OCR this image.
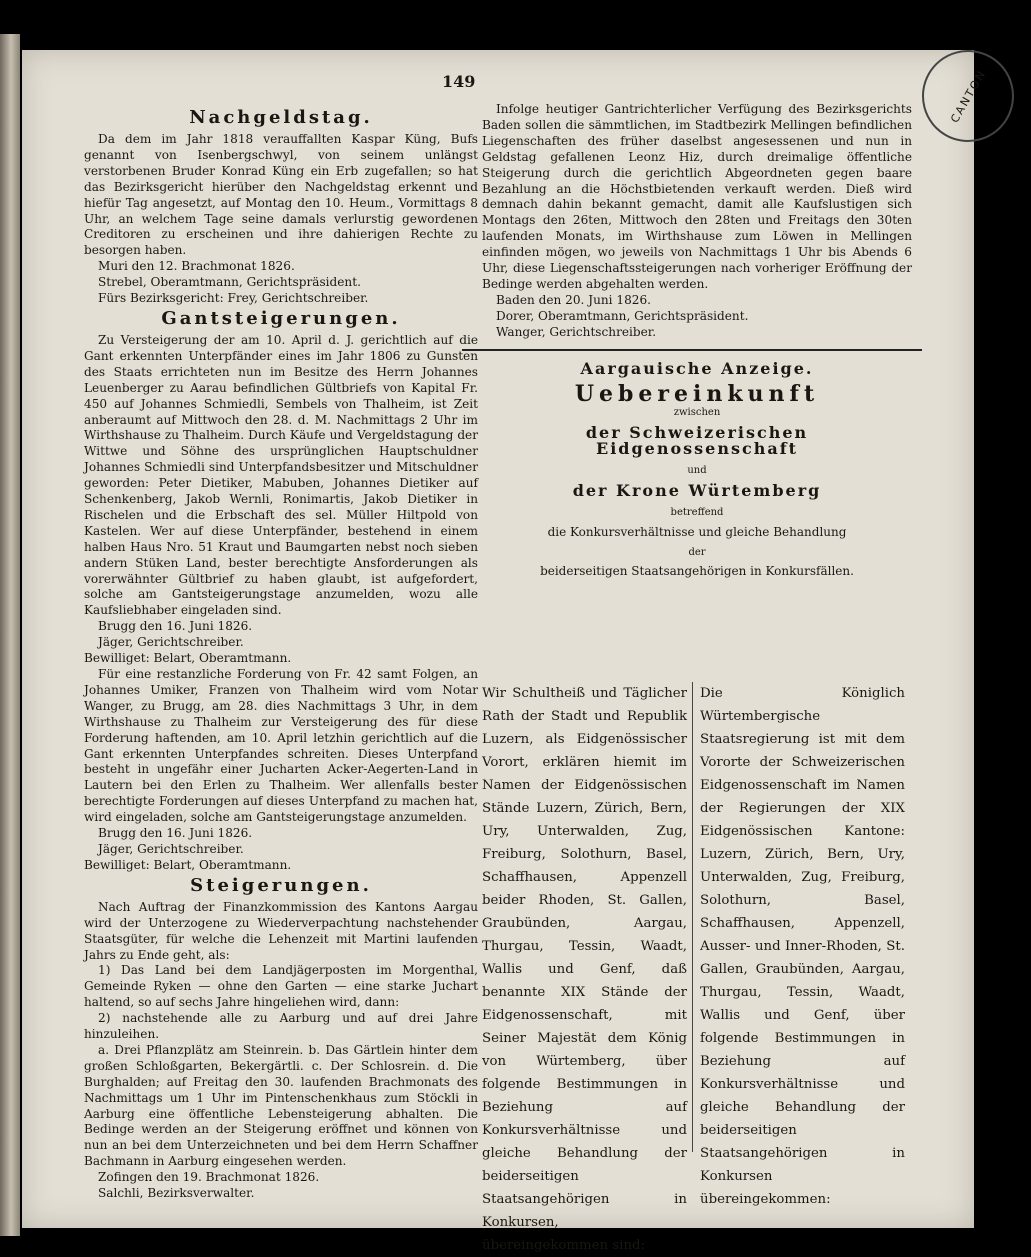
149	CANTON
Nachgeldstag.

Da dem im Jahr 1818 verauffallten Kaspar Küng, Bufs genannt von Isenbergschwyl, von seinem unlängst verstorbenen Bruder Konrad Küng ein Erb zugefallen; so hat das Bezirksgericht hierüber den Nachgeldstag erkennt und hiefür Tag angesetzt, auf Montag den 10. Heum., Vormittags 8 Uhr, an welchem Tage seine damals verlurstig gewordenen Creditoren zu erscheinen und ihre dahierigen Rechte zu besorgen haben.

Muri den 12. Brachmonat 1826.

Strebel, Oberamtmann, Gerichtspräsident.

Fürs Bezirksgericht: Frey, Gerichtschreiber.

Gantsteigerungen.

Zu Versteigerung der am 10. April d. J. gerichtlich auf die Gant erkennten Unterpfänder eines im Jahr 1806 zu Gunsten des Staats errichteten nun im Besitze des Herrn Johannes Leuenberger zu Aarau befindlichen Gültbriefs von Kapital Fr. 450 auf Johannes Schmiedli, Sembels von Thalheim, ist Zeit anberaumt auf Mittwoch den 28. d. M. Nachmittags 2 Uhr im Wirthshause zu Thalheim. Durch Käufe und Vergeldstagung der Wittwe und Söhne des ursprünglichen Hauptschuldner Johannes Schmiedli sind Unterpfandsbesitzer und Mitschuldner geworden: Peter Dietiker, Mabuben, Johannes Dietiker auf Schenkenberg, Jakob Wernli, Ronimartis, Jakob Dietiker in Rischelen und die Erbschaft des sel. Müller Hiltpold von Kastelen. Wer auf diese Unterpfänder, bestehend in einem halben Haus Nro. 51 Kraut und Baumgarten nebst noch sieben andern Stüken Land, bester berechtigte Ansforderungen als vorerwähnter Gültbrief zu haben glaubt, ist aufgefordert, solche am Gantsteigerungstage anzumelden, wozu alle Kaufsliebhaber eingeladen sind.

Brugg den 16. Juni 1826.

Jäger, Gerichtschreiber.

Bewilliget: Belart, Oberamtmann.

Für eine restanzliche Forderung von Fr. 42 samt Folgen, an Johannes Umiker, Franzen von Thalheim wird vom Notar Wanger, zu Brugg, am 28. dies Nachmittags 3 Uhr, in dem Wirthshause zu Thalheim zur Versteigerung des für diese Forderung haftenden, am 10. April letzhin gerichtlich auf die Gant erkennten Unterpfandes schreiten. Dieses Unterpfand besteht in ungefähr einer Jucharten Acker-Aegerten-Land in Lautern bei den Erlen zu Thalheim. Wer allenfalls bester berechtigte Forderungen auf dieses Unterpfand zu machen hat, wird eingeladen, solche am Gantsteigerungstage anzumelden.

Brugg den 16. Juni 1826.

Jäger, Gerichtschreiber.

Bewilliget: Belart, Oberamtmann.

Steigerungen.

Nach Auftrag der Finanzkommission des Kantons Aargau wird der Unterzogene zu Wiederverpachtung nachstehender Staatsgüter, für welche die Lehenzeit mit Martini laufenden Jahrs zu Ende geht, als:

1) Das Land bei dem Landjägerposten im Morgenthal, Gemeinde Ryken — ohne den Garten — eine starke Juchart haltend, so auf sechs Jahre hingeliehen wird, dann:

2) nachstehende alle zu Aarburg und auf drei Jahre hinzuleihen.

a. Drei Pflanzplätz am Steinrein. b. Das Gärtlein hinter dem großen Schloßgarten, Bekergärtli. c. Der Schlosrein. d. Die Burghalden; auf Freitag den 30. laufenden Brachmonats des Nachmittags um 1 Uhr im Pintenschenkhaus zum Stöckli in Aarburg eine öffentliche Lebensteigerung abhalten. Die Bedinge werden an der Steigerung eröffnet und können von nun an bei dem Unterzeichneten und bei dem Herrn Schaffner Bachmann in Aarburg eingesehen werden.

Zofingen den 19. Brachmonat 1826.

Salchli, Bezirksverwalter.

Infolge heutiger Gantrichterlicher Verfügung des Bezirksgerichts Baden sollen die sämmtlichen, im Stadtbezirk Mellingen befindlichen Liegenschaften des früher daselbst angesessenen und nun in Geldstag gefallenen Leonz Hiz, durch dreimalige öffentliche Steigerung durch die gerichtlich Abgeordneten gegen baare Bezahlung an die Höchstbietenden verkauft werden. Dieß wird demnach dahin bekannt gemacht, damit alle Kaufslustigen sich Montags den 26ten, Mittwoch den 28ten und Freitags den 30ten laufenden Monats, im Wirthshause zum Löwen in Mellingen einfinden mögen, wo jeweils von Nachmittags 1 Uhr bis Abends 6 Uhr, diese Liegenschaftssteigerungen nach vorheriger Eröffnung der Bedinge werden abgehalten werden.

Baden den 20. Juni 1826.

Dorer, Oberamtmann, Gerichtspräsident.

Wanger, Gerichtschreiber.

Aargauische Anzeige.
Uebereinkunft
zwischen
der Schweizerischen Eidgenossenschaft
und
der Krone Würtemberg
betreffend
die Konkursverhältnisse und gleiche Behandlung
der
beiderseitigen Staatsangehörigen in Konkursfällen.
Wir Schultheiß und Täglicher Rath der Stadt und Republik Luzern, als Eidgenössischer Vorort, erklären hiemit im Namen der Eidgenössischen Stände Luzern, Zürich, Bern, Ury, Unterwalden, Zug, Freiburg, Solothurn, Basel, Schaffhausen, Appenzell beider Rhoden, St. Gallen, Graubünden, Aargau, Thurgau, Tessin, Waadt, Wallis und Genf, daß benannte XIX Stände der Eidgenossenschaft, mit Seiner Majestät dem König von Würtemberg, über folgende Bestimmungen in Beziehung auf Konkursverhältnisse und gleiche Behandlung der beiderseitigen Staatsangehörigen in Konkursen, übereingekommen sind:
Die Königlich Würtembergische Staatsregierung ist mit dem Vororte der Schweizerischen Eidgenossenschaft im Namen der Regierungen der XIX Eidgenössischen Kantone: Luzern, Zürich, Bern, Ury, Unterwalden, Zug, Freiburg, Solothurn, Basel, Schaffhausen, Appenzell, Ausser- und Inner-Rhoden, St. Gallen, Graubünden, Aargau, Thurgau, Tessin, Waadt, Wallis und Genf, über folgende Bestimmungen in Beziehung auf Konkursverhältnisse und gleiche Behandlung der beiderseitigen Staatsangehörigen in Konkursen übereingekommen:
